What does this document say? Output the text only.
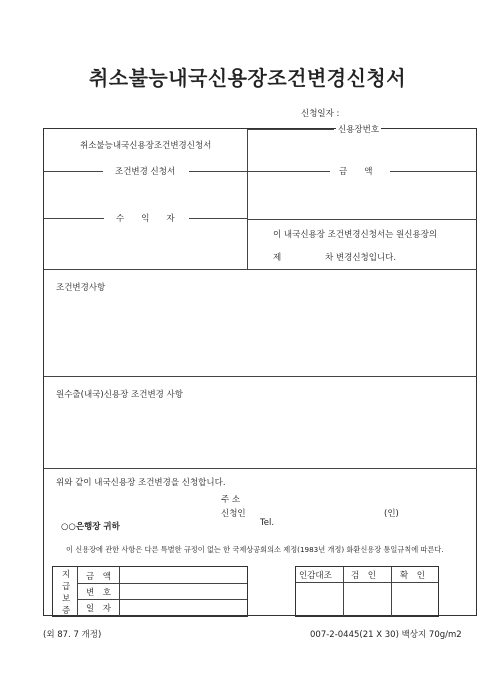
취소불능내국신용장조건변경신청서
신청일자 :
취소불능내국신용장조건변경신청서
조건변경 신청서
수　　익　　자
신용장번호
금　　액
이 내국신용장 조건변경신청서는 원신용장의
제	차 변경신청입니다.
조건변경사항
원수출(내국)신용장 조건변경 사항
위와 같이 내국신용장 조건변경을 신청합니다.
주 소
신청인	(인)
Tel.
○○은행장 귀하
이 신용장에 관한 사항은 다른 특별한 규정이 없는 한 국제상공회의소 제정(1983년 개정) 화환신용장 통일규칙에 따른다.
지
급
보
증
금　액
변　호
일　자
인감대조 검　인	확　인
(외 87. 7 개정)	007-2-0445(21 X 30) 백상지 70g/m2
